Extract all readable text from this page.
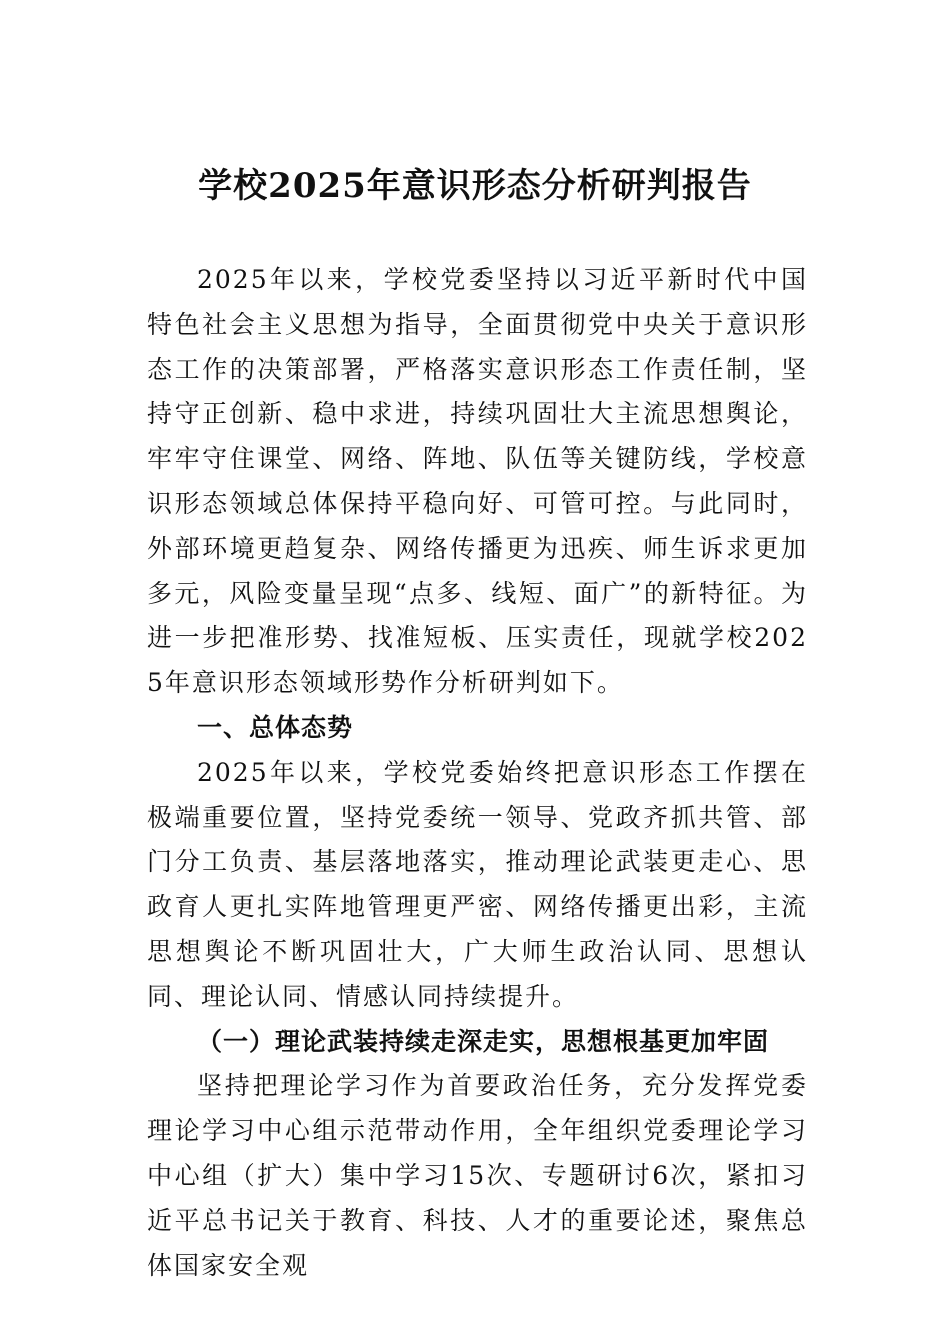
学校2025年意识形态分析研判报告

2025年以来，学校党委坚持以习近平新时代中国特色社会主义思想为指导，全面贯彻党中央关于意识形态工作的决策部署，严格落实意识形态工作责任制，坚持守正创新、稳中求进，持续巩固壮大主流思想舆论，牢牢守住课堂、网络、阵地、队伍等关键防线，学校意识形态领域总体保持平稳向好、可管可控。与此同时，外部环境更趋复杂、网络传播更为迅疾、师生诉求更加多元，风险变量呈现“点多、线短、面广”的新特征。为进一步把准形势、找准短板、压实责任，现就学校2025年意识形态领域形势作分析研判如下。

一、总体态势

2025年以来，学校党委始终把意识形态工作摆在极端重要位置，坚持党委统一领导、党政齐抓共管、部门分工负责、基层落地落实，推动理论武装更走心、思政育人更扎实阵地管理更严密、网络传播更出彩，主流思想舆论不断巩固壮大，广大师生政治认同、思想认同、理论认同、情感认同持续提升。

（一）理论武装持续走深走实，思想根基更加牢固

坚持把理论学习作为首要政治任务，充分发挥党委理论学习中心组示范带动作用，全年组织党委理论学习中心组（扩大）集中学习15次、专题研讨6次，紧扣习近平总书记关于教育、科技、人才的重要论述，聚焦总体国家安全观
